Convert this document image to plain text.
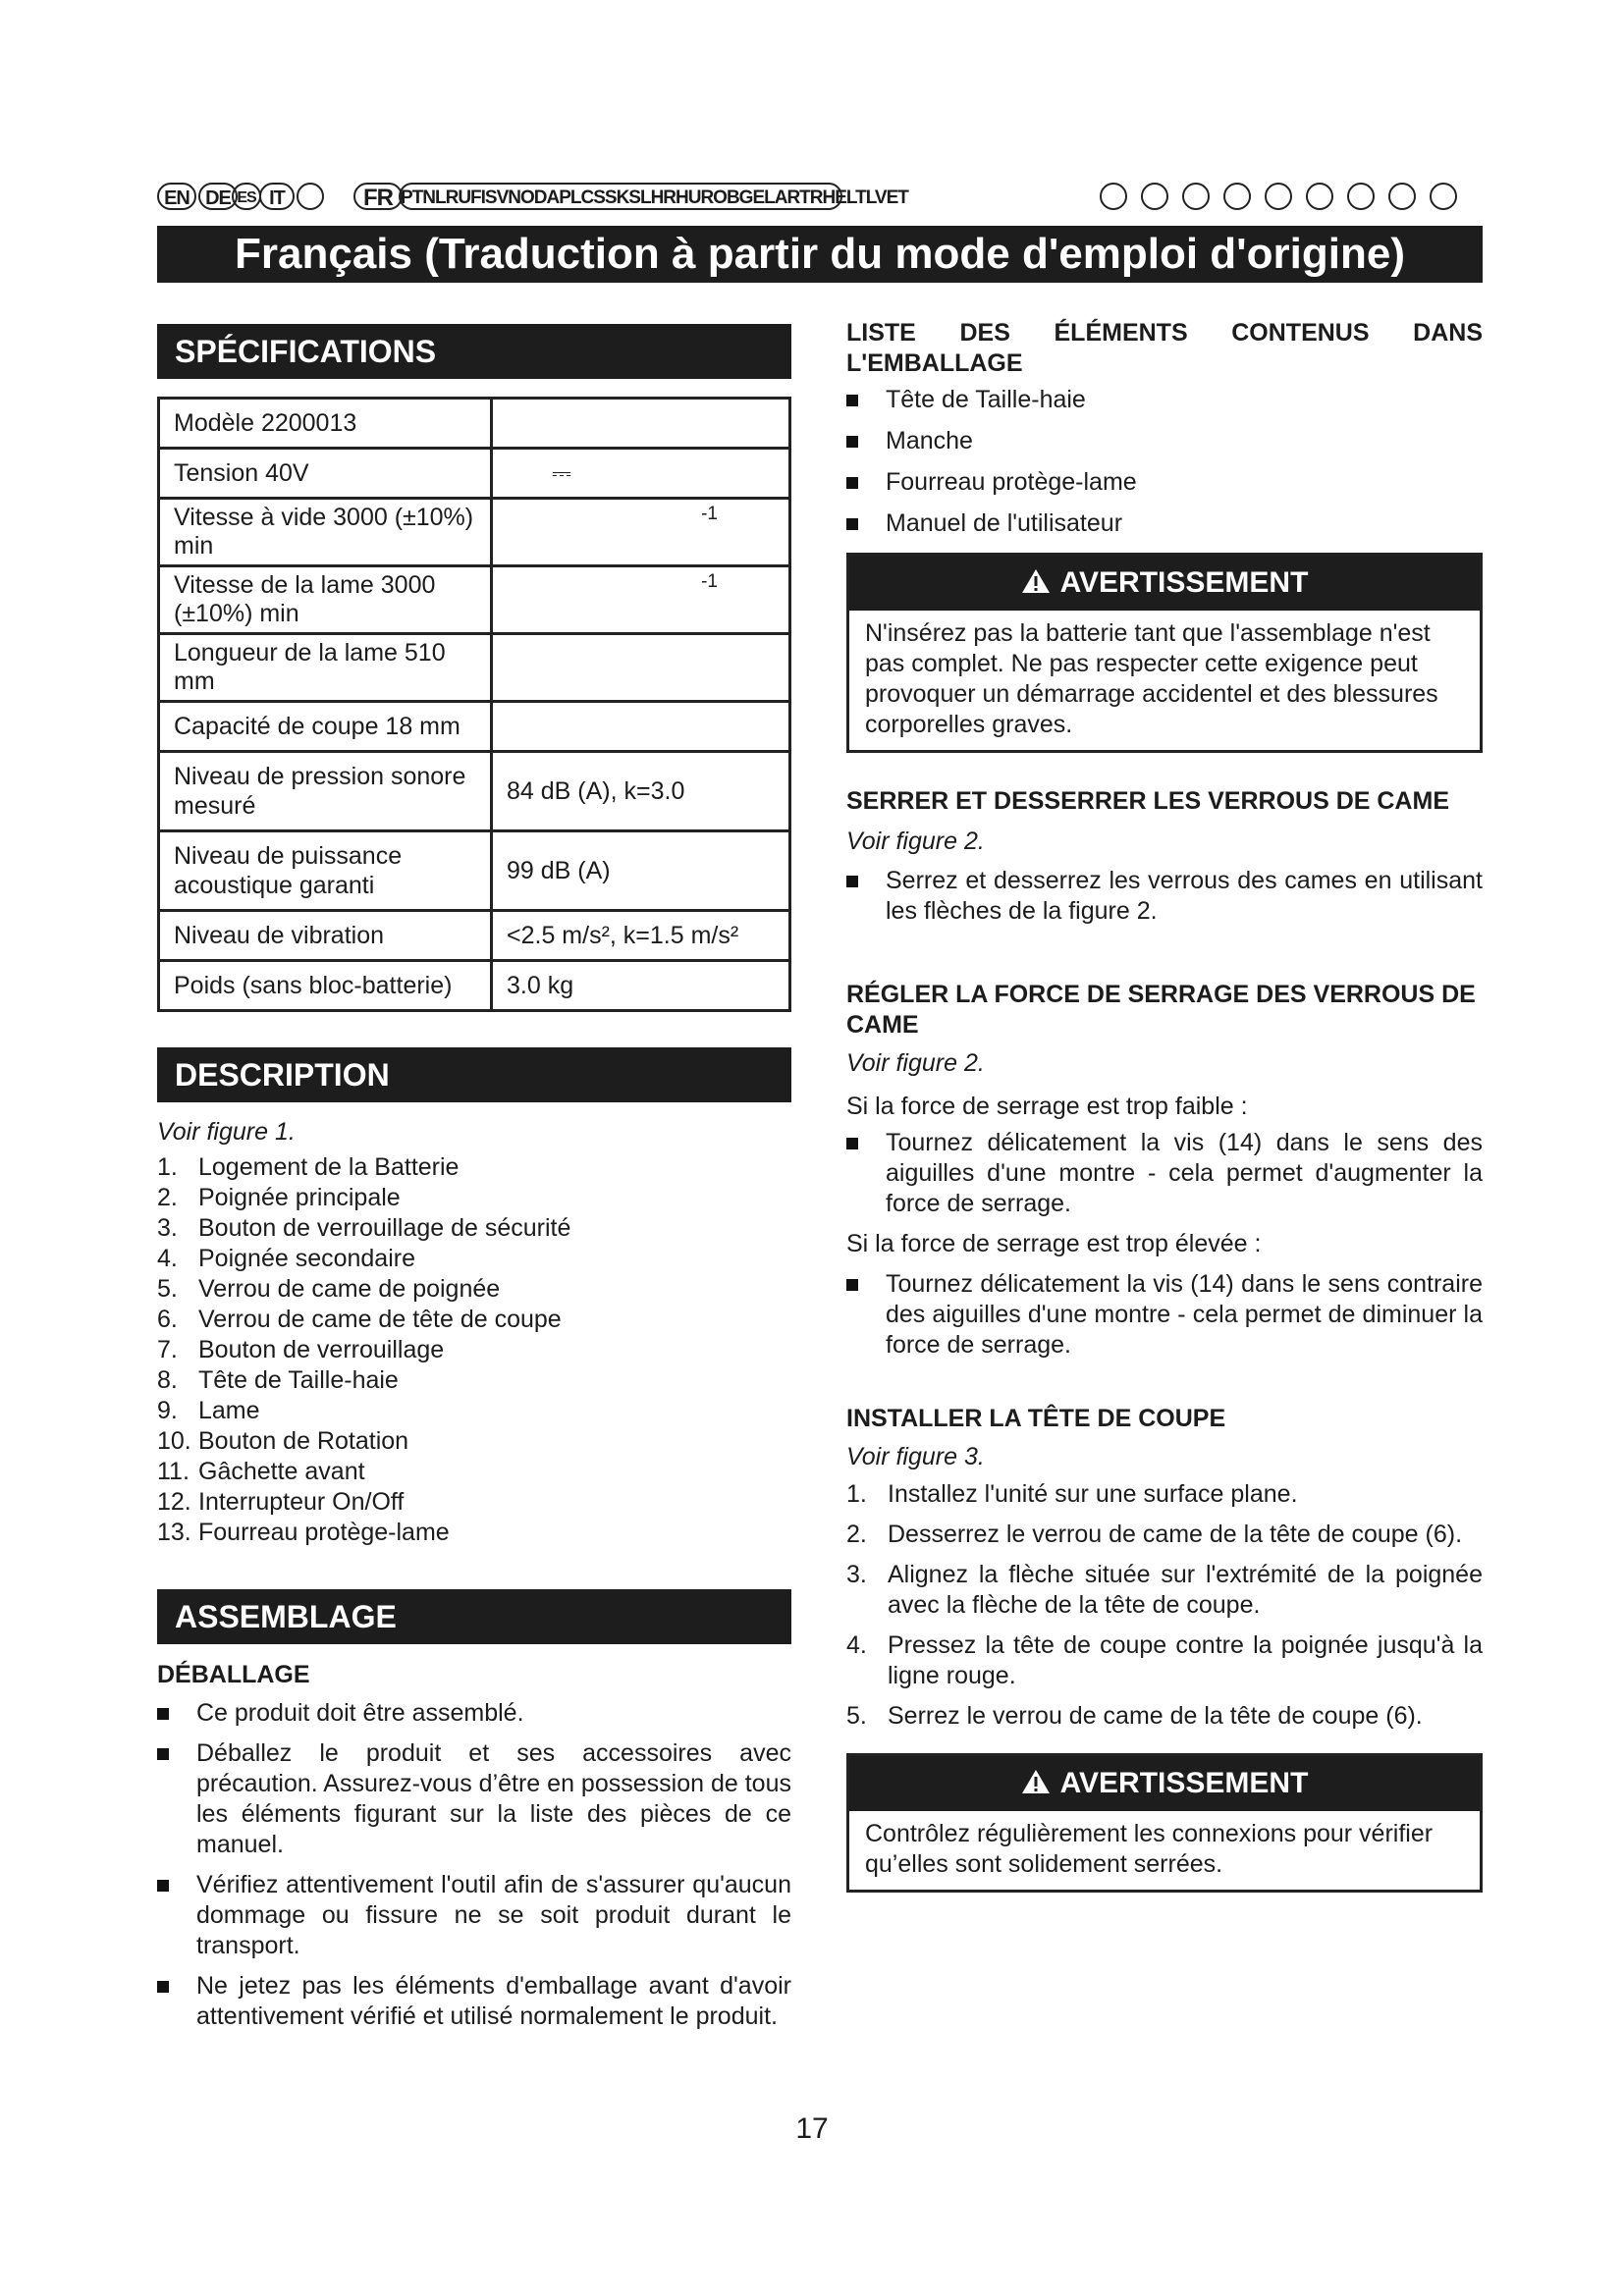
EN DE ES IT	FR PTNLRUFISVNODAPLCSSKSLHRHUROBGELARTRHELTLVET
Français (Traduction à partir du mode d'emploi d'origine)
SPÉCIFICATIONS
Modèle 2200013	
Tension 40V	⎓
Vitesse à vide 3000 (±10%) min	-1
Vitesse de la lame 3000 (±10%) min	-1
Longueur de la lame 510 mm	
Capacité de coupe 18 mm	
Niveau de pression sonore mesuré	84 dB (A), k=3.0
Niveau de puissance acoustique garanti	99 dB (A)
Niveau de vibration	<2.5 m/s², k=1.5 m/s²
Poids (sans bloc-batterie)	3.0 kg
DESCRIPTION
Voir figure 1.
1. Logement de la Batterie
2. Poignée principale
3. Bouton de verrouillage de sécurité
4. Poignée secondaire
5. Verrou de came de poignée
6. Verrou de came de tête de coupe
7. Bouton de verrouillage
8. Tête de Taille-haie
9. Lame
10. Bouton de Rotation
11. Gâchette avant
12. Interrupteur On/Off
13. Fourreau protège-lame
ASSEMBLAGE
DÉBALLAGE
Ce produit doit être assemblé.
Déballez le produit et ses accessoires avec précaution. Assurez-vous d’être en possession de tous les éléments figurant sur la liste des pièces de ce manuel.
Vérifiez attentivement l'outil afin de s'assurer qu'aucun dommage ou fissure ne se soit produit durant le transport.
Ne jetez pas les éléments d'emballage avant d'avoir attentivement vérifié et utilisé normalement le produit.
LISTE DES ÉLÉMENTS CONTENUS DANS L'EMBALLAGE
Tête de Taille-haie
Manche
Fourreau protège-lame
Manuel de l'utilisateur
AVERTISSEMENT
N'insérez pas la batterie tant que l'assemblage n'est pas complet. Ne pas respecter cette exigence peut provoquer un démarrage accidentel et des blessures corporelles graves.
SERRER ET DESSERRER LES VERROUS DE CAME
Voir figure 2.
Serrez et desserrez les verrous des cames en utilisant les flèches de la figure 2.
RÉGLER LA FORCE DE SERRAGE DES VERROUS DE CAME
Voir figure 2.
Si la force de serrage est trop faible :
Tournez délicatement la vis (14) dans le sens des aiguilles d'une montre - cela permet d'augmenter la force de serrage.
Si la force de serrage est trop élevée :
Tournez délicatement la vis (14) dans le sens contraire des aiguilles d'une montre - cela permet de diminuer la force de serrage.
INSTALLER LA TÊTE DE COUPE
Voir figure 3.
1. Installez l'unité sur une surface plane.
2. Desserrez le verrou de came de la tête de coupe (6).
3. Alignez la flèche située sur l'extrémité de la poignée avec la flèche de la tête de coupe.
4. Pressez la tête de coupe contre la poignée jusqu'à la ligne rouge.
5. Serrez le verrou de came de la tête de coupe (6).
AVERTISSEMENT
Contrôlez régulièrement les connexions pour vérifier qu’elles sont solidement serrées.
17
